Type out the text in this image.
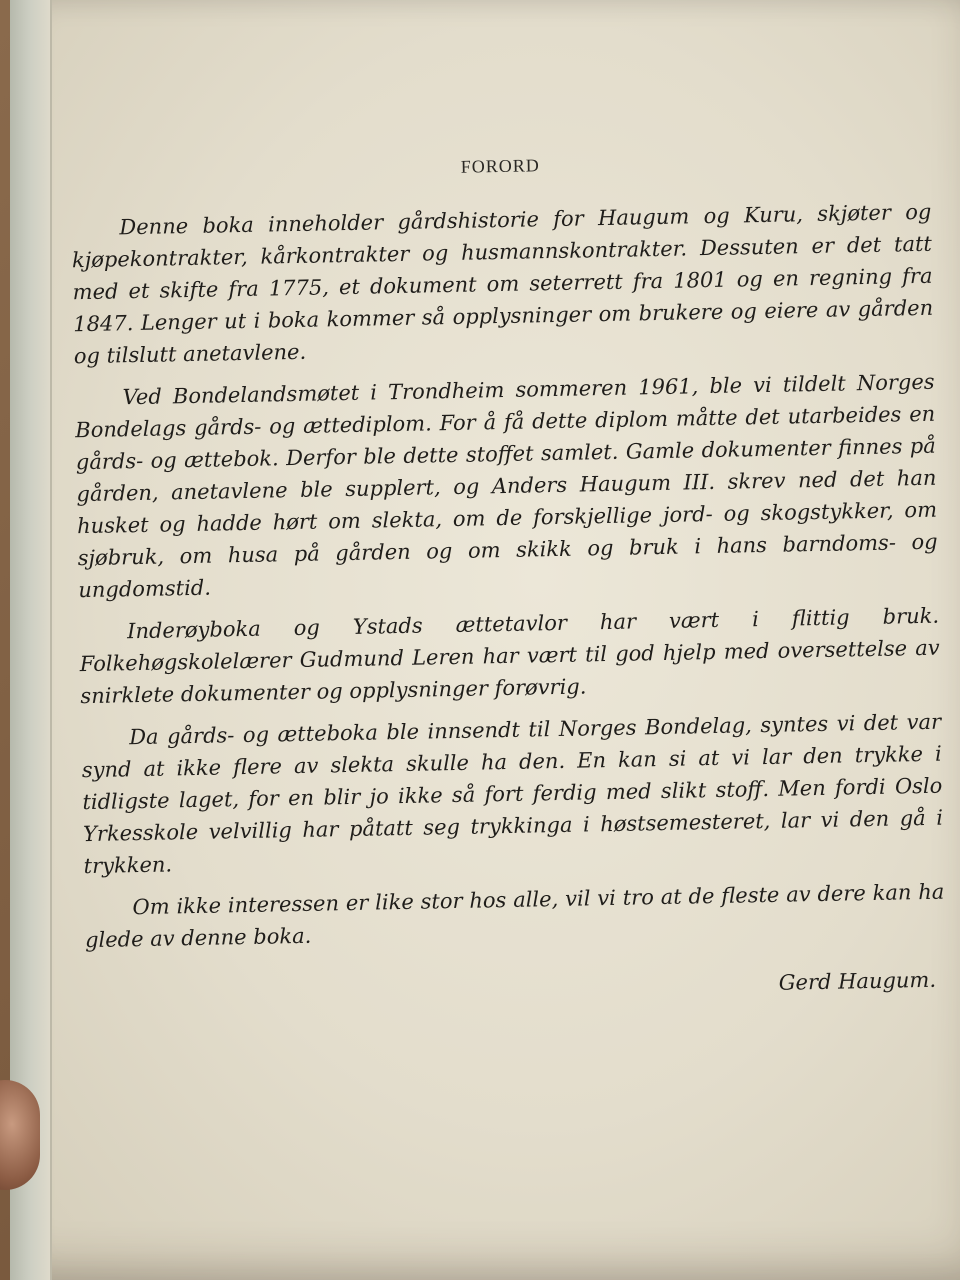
FORORD

Denne boka inneholder gårdshistorie for Haugum og Kuru, skjøter og kjøpekontrakter, kårkontrakter og husmannskontrakter. Dessuten er det tatt med et skifte fra 1775, et dokument om seterrett fra 1801 og en regning fra 1847. Lenger ut i boka kommer så opplysninger om brukere og eiere av gården og tilslutt anetavlene.

Ved Bondelandsmøtet i Trondheim sommeren 1961, ble vi tildelt Norges Bondelags gårds- og ættediplom. For å få dette diplom måtte det utarbeides en gårds- og ættebok. Derfor ble dette stoffet samlet. Gamle dokumenter finnes på gården, anetavlene ble supplert, og Anders Haugum III. skrev ned det han husket og hadde hørt om slekta, om de forskjellige jord- og skogstykker, om sjøbruk, om husa på gården og om skikk og bruk i hans barndoms- og ungdomstid.

Inderøyboka og Ystads ættetavlor har vært i flittig bruk. Folkehøgskolelærer Gudmund Leren har vært til god hjelp med oversettelse av snirklete dokumenter og opplysninger forøvrig.

Da gårds- og ætteboka ble innsendt til Norges Bondelag, syntes vi det var synd at ikke flere av slekta skulle ha den. En kan si at vi lar den trykke i tidligste laget, for en blir jo ikke så fort ferdig med slikt stoff. Men fordi Oslo Yrkesskole velvillig har påtatt seg trykkinga i høstsemesteret, lar vi den gå i trykken.

Om ikke interessen er like stor hos alle, vil vi tro at de fleste av dere kan ha glede av denne boka.

Gerd Haugum.
